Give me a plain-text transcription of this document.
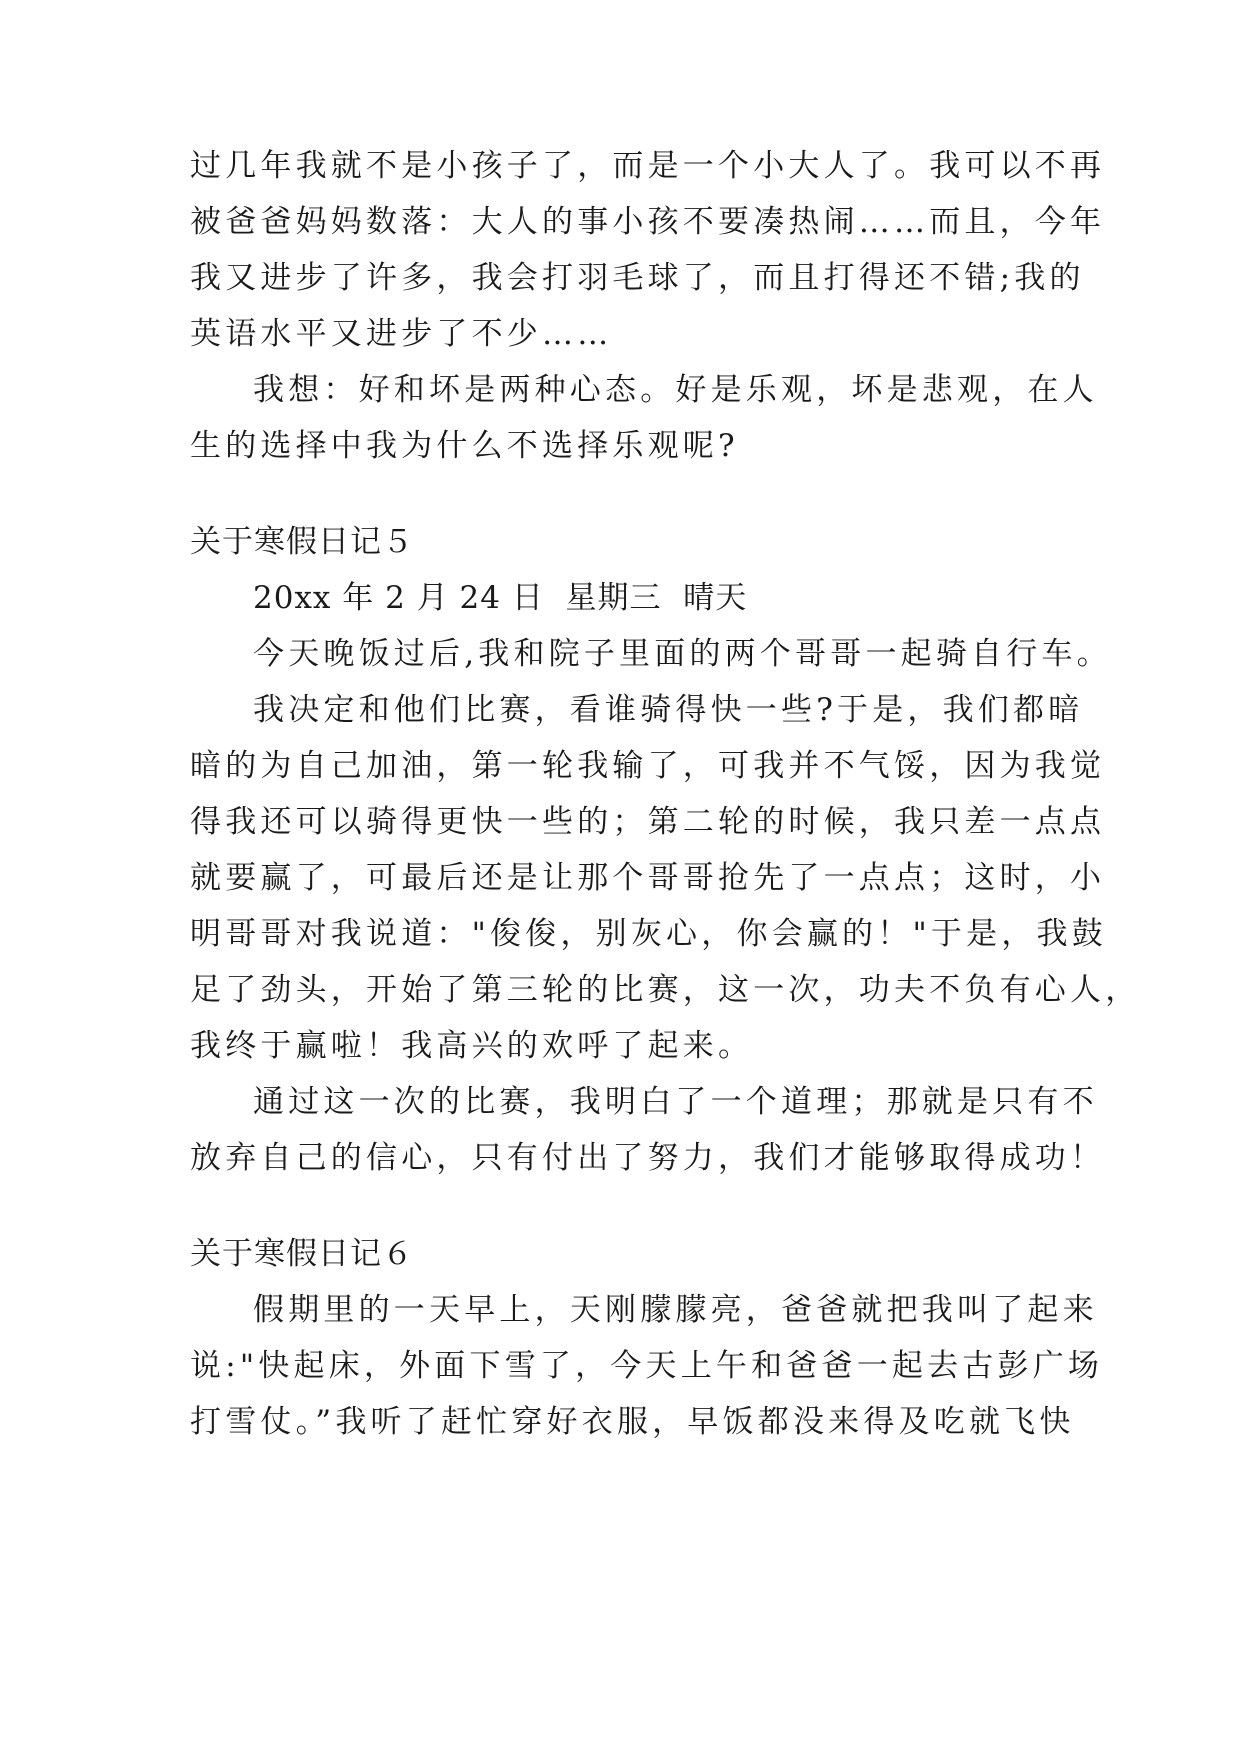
过几年我就不是小孩子了，而是一个小大人了。我可以不再
被爸爸妈妈数落：大人的事小孩不要凑热闹……而且，今年
我又进步了许多，我会打羽毛球了，而且打得还不错;我的
英语水平又进步了不少……
我想：好和坏是两种心态。好是乐观，坏是悲观，在人
生的选择中我为什么不选择乐观呢?
关于寒假日记５
20xx 年 2 月 24 日  星期三  晴天
今天晚饭过后,我和院子里面的两个哥哥一起骑自行车。
我决定和他们比赛，看谁骑得快一些?于是，我们都暗
暗的为自己加油，第一轮我输了，可我并不气馁，因为我觉
得我还可以骑得更快一些的；第二轮的时候，我只差一点点
就要赢了，可最后还是让那个哥哥抢先了一点点；这时，小
明哥哥对我说道："俊俊，别灰心，你会赢的！"于是，我鼓
足了劲头，开始了第三轮的比赛，这一次，功夫不负有心人，
我终于赢啦！我高兴的欢呼了起来。
通过这一次的比赛，我明白了一个道理；那就是只有不
放弃自己的信心，只有付出了努力，我们才能够取得成功！
关于寒假日记６
假期里的一天早上，天刚朦朦亮，爸爸就把我叫了起来
说:"快起床，外面下雪了，今天上午和爸爸一起去古彭广场
打雪仗。”我听了赶忙穿好衣服，早饭都没来得及吃就飞快
